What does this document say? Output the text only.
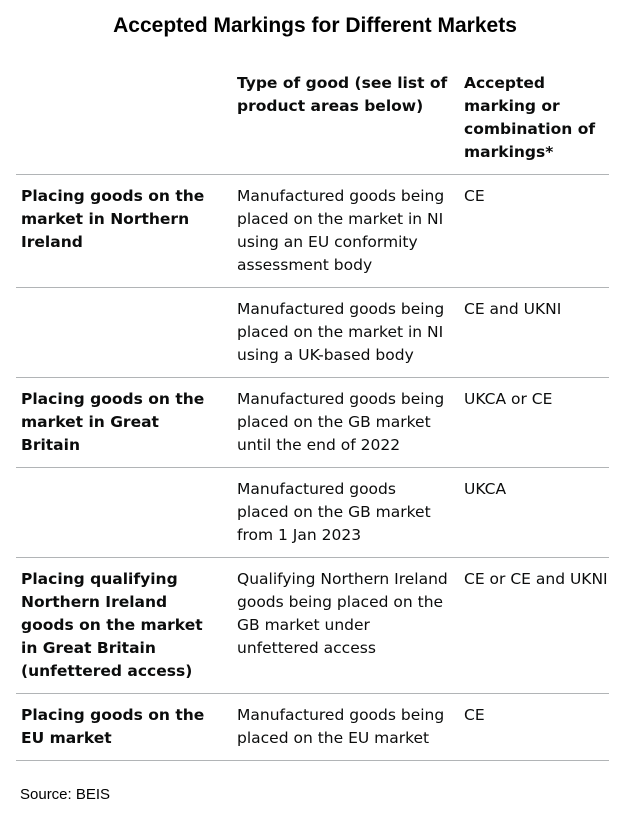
Accepted Markings for Different Markets
	Type of good (see list of product areas below)	Accepted marking or combination of markings*
Placing goods on the market in Northern Ireland	Manufactured goods being placed on the market in NI using an EU conformity assessment body	CE
	Manufactured goods being placed on the market in NI using a UK-based body	CE and UKNI
Placing goods on the market in Great Britain	Manufactured goods being placed on the GB market until the end of 2022	UKCA or CE
	Manufactured goods placed on the GB market from 1 Jan 2023	UKCA
Placing qualifying Northern Ireland goods on the market in Great Britain (unfettered access)	Qualifying Northern Ireland goods being placed on the GB market under unfettered access	CE or CE and UKNI
Placing goods on the EU market	Manufactured goods being placed on the EU market	CE
Source: BEIS
